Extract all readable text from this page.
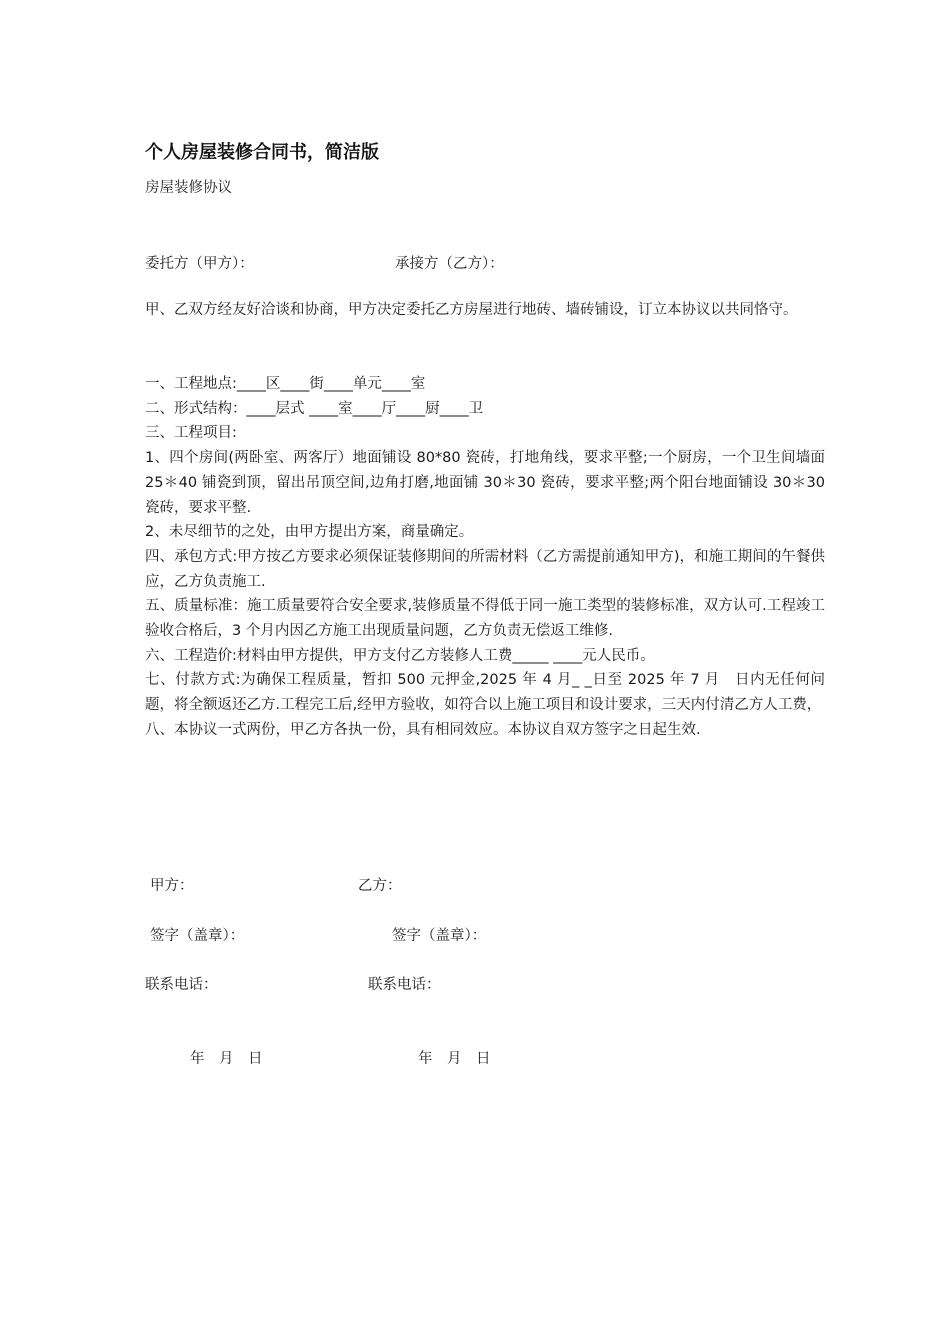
个人房屋装修合同书，简洁版
房屋装修协议
委托方（甲方）：	承接方（乙方）：

甲、乙双方经友好洽谈和协商，甲方决定委托乙方房屋进行地砖、墙砖铺设，订立本协议以共同恪守。

一、工程地点:____区____街____单元____室

二、形式结构：____层式 ____室____厅____厨____卫

三、工程项目:

1、四个房间(两卧室、两客厅）地面铺设 80*80 瓷砖，打地角线，要求平整;一个厨房，一个卫生间墙面 25＊40 铺瓷到顶，留出吊顶空间,边角打磨,地面铺 30＊30 瓷砖，要求平整;两个阳台地面铺设 30＊30 瓷砖，要求平整.

2、未尽细节的之处，由甲方提出方案，商量确定。

四、承包方式:甲方按乙方要求必须保证装修期间的所需材料（乙方需提前通知甲方)，和施工期间的午餐供应，乙方负责施工.

五、质量标准：施工质量要符合安全要求,装修质量不得低于同一施工类型的装修标准，双方认可.工程竣工验收合格后，3 个月内因乙方施工出现质量问题，乙方负责无偿返工维修.

六、工程造价:材料由甲方提供，甲方支付乙方装修人工费_____ ____元人民币。

七、付款方式:为确保工程质量，暂扣 500 元押金,2025 年 4 月_ _日至 2025 年 7 月　日内无任何问题，将全额返还乙方.工程完工后,经甲方验收，如符合以上施工项目和设计要求，三天内付清乙方人工费，

八、本协议一式两份，甲乙方各执一份，具有相同效应。本协议自双方签字之日起生效.

甲方：	乙方：
签字（盖章）：	签字（盖章）：
联系电话：	联系电话：
年　月　日	年　月　日
